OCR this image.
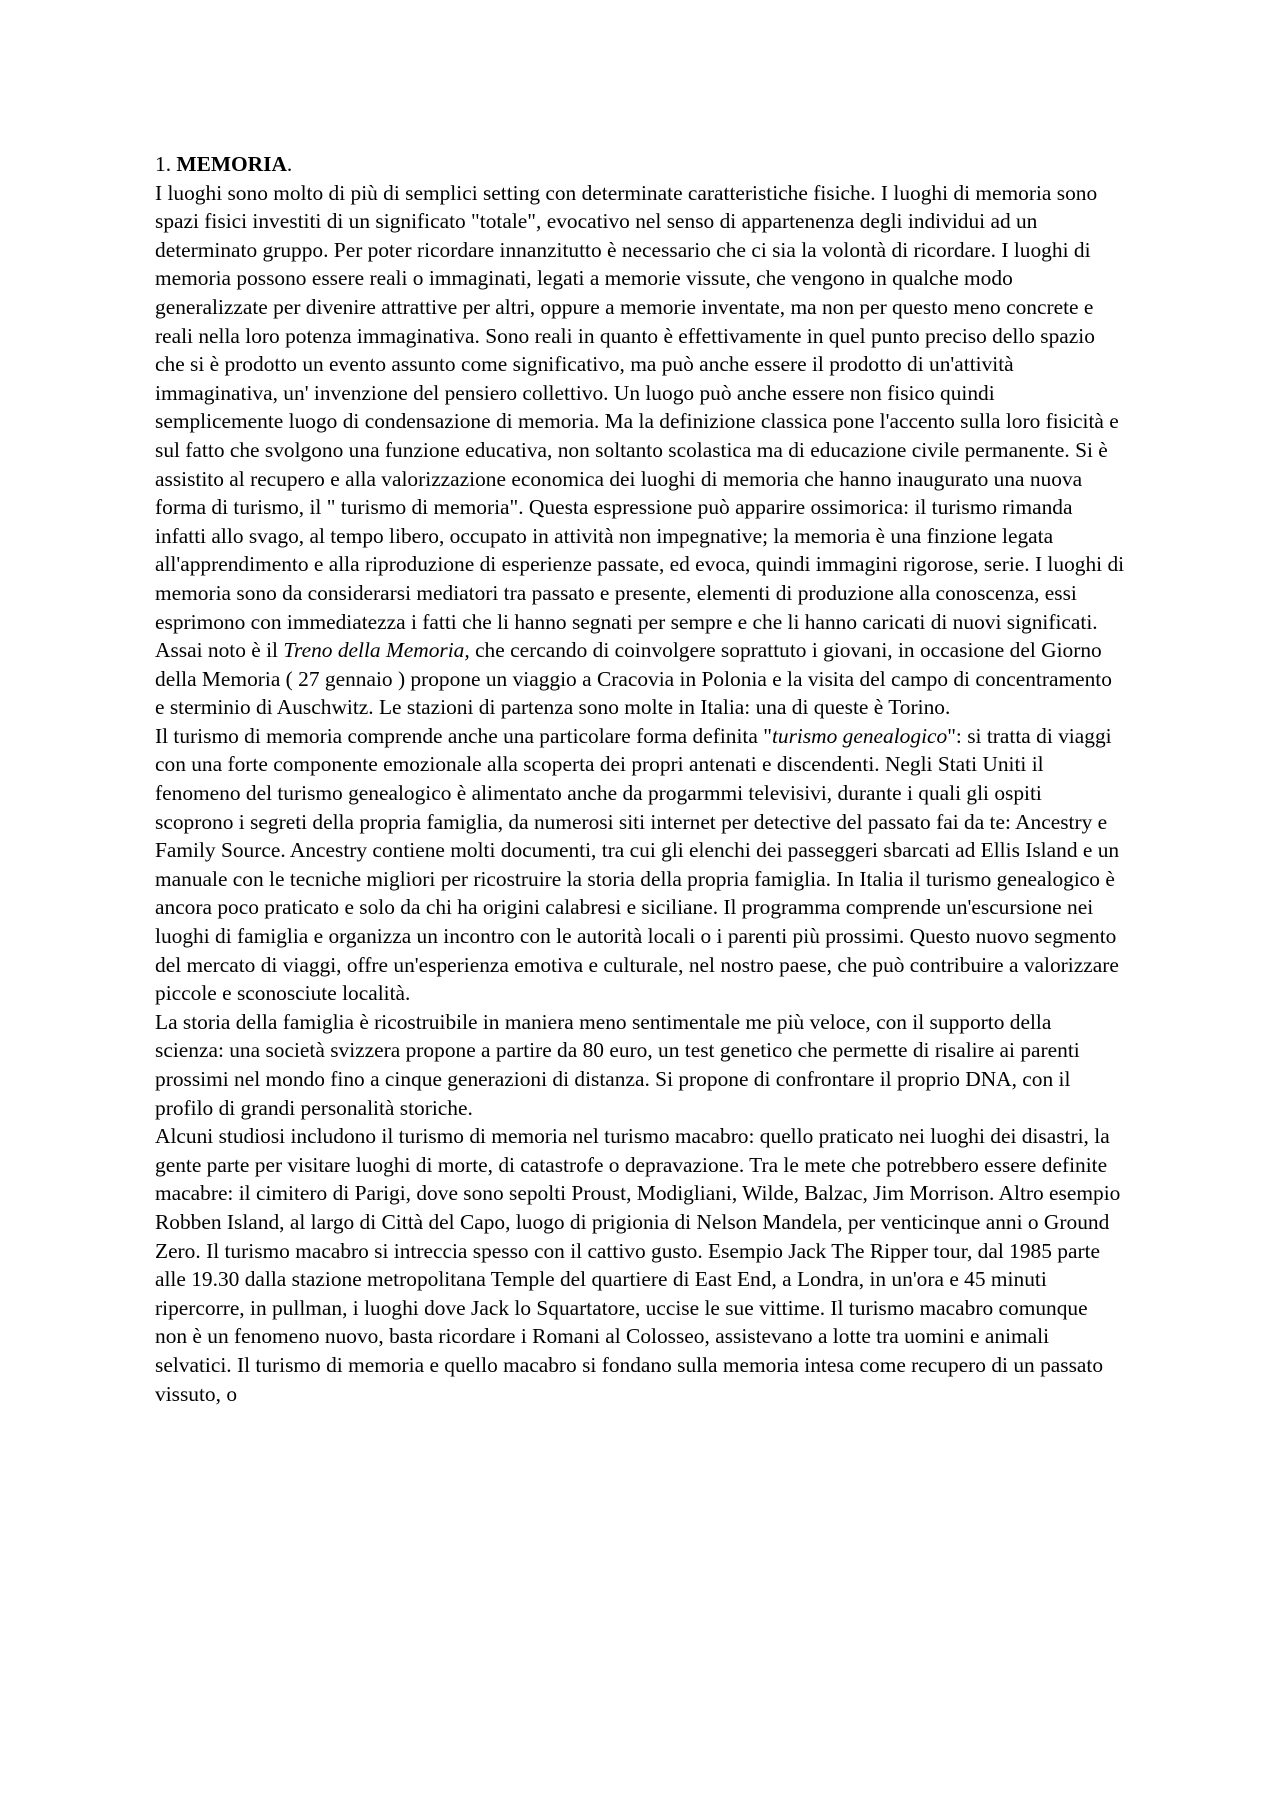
1. MEMORIA.

I luoghi sono molto di più di semplici setting con determinate caratteristiche fisiche. I luoghi di memoria sono spazi fisici investiti di un significato "totale", evocativo nel senso di appartenenza degli individui ad un determinato gruppo. Per poter ricordare innanzitutto è necessario che ci sia la volontà di ricordare. I luoghi di memoria possono essere reali o immaginati, legati a memorie vissute, che vengono in qualche modo generalizzate per divenire attrattive per altri, oppure a memorie inventate, ma non per questo meno concrete e reali nella loro potenza immaginativa. Sono reali in quanto è effettivamente in quel punto preciso dello spazio che si è prodotto un evento assunto come significativo, ma può anche essere il prodotto di un'attività immaginativa, un' invenzione del pensiero collettivo. Un luogo può anche essere non fisico quindi semplicemente luogo di condensazione di memoria. Ma la definizione classica pone l'accento sulla loro fisicità e sul fatto che svolgono una funzione educativa, non soltanto scolastica ma di educazione civile permanente. Si è assistito al recupero e alla valorizzazione economica dei luoghi di memoria che hanno inaugurato una nuova forma di turismo, il " turismo di memoria". Questa espressione può apparire ossimorica: il turismo rimanda infatti allo svago, al tempo libero, occupato in attività non impegnative; la memoria è una finzione legata all'apprendimento e alla riproduzione di esperienze passate, ed evoca, quindi immagini rigorose, serie. I luoghi di memoria sono da considerarsi mediatori tra passato e presente, elementi di produzione alla conoscenza, essi esprimono con immediatezza i fatti che li hanno segnati per sempre e che li hanno caricati di nuovi significati. Assai noto è il Treno della Memoria, che cercando di coinvolgere soprattuto i giovani, in occasione del Giorno della Memoria ( 27 gennaio ) propone un viaggio a Cracovia in Polonia e la visita del campo di concentramento e sterminio di Auschwitz. Le stazioni di partenza sono molte in Italia: una di queste è Torino.

Il turismo di memoria comprende anche una particolare forma definita "turismo genealogico": si tratta di viaggi con una forte componente emozionale alla scoperta dei propri antenati e discendenti. Negli Stati Uniti il fenomeno del turismo genealogico è alimentato anche da progarmmi televisivi, durante i quali gli ospiti scoprono i segreti della propria famiglia, da numerosi siti internet per detective del passato fai da te: Ancestry e Family Source. Ancestry contiene molti documenti, tra cui gli elenchi dei passeggeri sbarcati ad Ellis Island e un manuale con le tecniche migliori per ricostruire la storia della propria famiglia. In Italia il turismo genealogico è ancora poco praticato e solo da chi ha origini calabresi e siciliane. Il programma comprende un'escursione nei luoghi di famiglia e organizza un incontro con le autorità locali o i parenti più prossimi. Questo nuovo segmento del mercato di viaggi, offre un'esperienza emotiva e culturale, nel nostro paese, che può contribuire a valorizzare piccole e sconosciute località.

La storia della famiglia è ricostruibile in maniera meno sentimentale me più veloce, con il supporto della scienza: una società svizzera propone a partire da 80 euro, un test genetico che permette di risalire ai parenti prossimi nel mondo fino a cinque generazioni di distanza. Si propone di confrontare il proprio DNA, con il profilo di grandi personalità storiche.

Alcuni studiosi includono il turismo di memoria nel turismo macabro: quello praticato nei luoghi dei disastri, la gente parte per visitare luoghi di morte, di catastrofe o depravazione. Tra le mete che potrebbero essere definite macabre: il cimitero di Parigi, dove sono sepolti Proust, Modigliani, Wilde, Balzac, Jim Morrison. Altro esempio Robben Island, al largo di Città del Capo, luogo di prigionia di Nelson Mandela, per venticinque anni o Ground Zero. Il turismo macabro si intreccia spesso con il cattivo gusto. Esempio Jack The Ripper tour, dal 1985 parte alle 19.30 dalla stazione metropolitana Temple del quartiere di East End, a Londra, in un'ora e 45 minuti ripercorre, in pullman, i luoghi dove Jack lo Squartatore, uccise le sue vittime. Il turismo macabro comunque non è un fenomeno nuovo, basta ricordare i Romani al Colosseo, assistevano a lotte tra uomini e animali selvatici. Il turismo di memoria e quello macabro si fondano sulla memoria intesa come recupero di un passato vissuto, o
